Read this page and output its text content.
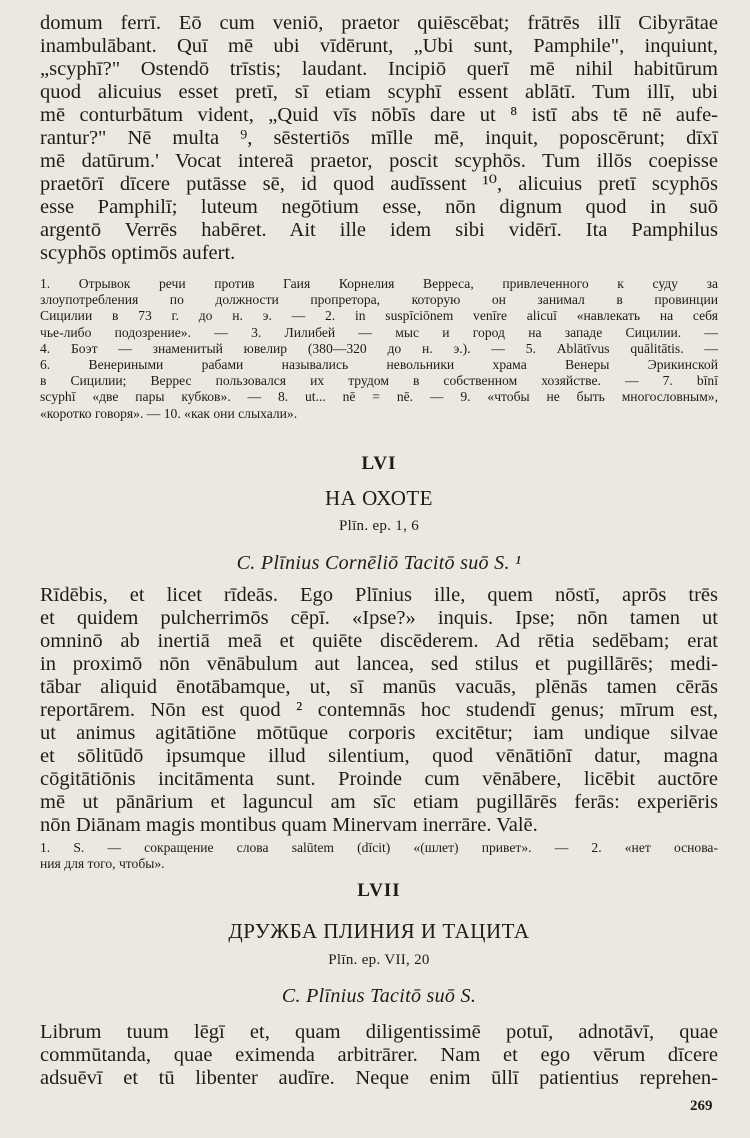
domum ferrī. Eō cum veniō, praetor quiēscēbat; frātrēs illī Cibyrātae
inambulābant. Quī mē ubi vīdērunt, „Ubi sunt, Pamphile", inquiunt,
„scyphī?" Ostendō trīstis; laudant. Incipiō querī mē nihil habitūrum
quod alicuius esset pretī, sī etiam scyphī essent ablātī. Tum illī, ubi
mē conturbātum vident, „Quid vīs nōbīs dare ut ⁸ istī abs tē nē aufe-
rantur?" Nē multa ⁹, sēstertiōs mīlle mē, inquit, poposcērunt; dīxī
mē datūrum.' Vocat intereā praetor, poscit scyphōs. Tum illōs coepisse
praetōrī dīcere putāsse sē, id quod audīssent ¹⁰, alicuius pretī scyphōs
esse Pamphilī; luteum negōtium esse, nōn dignum quod in suō
argentō Verrēs habēret. Ait ille idem sibi vidērī. Ita Pamphilus
scyphōs optimōs aufert.
1. Отрывок речи против Гаия Корнелия Верреса, привлеченного к суду за
злоупотребления по должности пропретора, которую он занимал в провинции
Сицилии в 73 г. до н. э. — 2. in suspīciōnem venīre alicuī «навлекать на себя
чье-либо подозрение». — 3. Лилибей — мыс и город на западе Сицилии. —
4. Боэт — знаменитый ювелир (380—320 до н. э.). — 5. Ablātīvus quālitātis. —
6. Венериными рабами назывались невольники храма Венеры Эрикинской
в Сицилии; Веррес пользовался их трудом в собственном хозяйстве. — 7. bīnī
scyphī «две пары кубков». — 8. ut... nē = nē. — 9. «чтобы не быть многословным»,
«коротко говоря». — 10. «как они слыхали».
LVI
НА ОХОТЕ
Plīn. ep. 1, 6
C. Plīnius Cornēliō Tacitō suō S. ¹
Rīdēbis, et licet rīdeās. Ego Plīnius ille, quem nōstī, aprōs trēs
et quidem pulcherrimōs cēpī. «Ipse?» inquis. Ipse; nōn tamen ut
omninō ab inertiā meā et quiēte discēderem. Ad rētia sedēbam; erat
in proximō nōn vēnābulum aut lancea, sed stilus et pugillārēs; medi-
tābar aliquid ēnotābamque, ut, sī manūs vacuās, plēnās tamen cērās
reportārem. Nōn est quod ² contemnās hoc studendī genus; mīrum est,
ut animus agitātiōne mōtūque corporis excitētur; iam undique silvae
et sōlitūdō ipsumque illud silentium, quod vēnātiōnī datur, magna
cōgitātiōnis incitāmenta sunt. Proinde cum vēnābere, licēbit auctōre
mē ut pānārium et laguncul am sīc etiam pugillārēs ferās: experiēris
nōn Diānam magis montibus quam Minervam inerrāre. Valē.
1. S. — сокращение слова salūtem (dīcit) «(шлет) привет». — 2. «нет основа-
ния для того, чтобы».
LVII
ДРУЖБА ПЛИНИЯ И ТАЦИТА
Plīn. ep. VII, 20
C. Plīnius Tacitō suō S.
Librum tuum lēgī et, quam diligentissimē potuī, adnotāvī, quae
commūtanda, quae eximenda arbitrārer. Nam et ego vērum dīcere
adsuēvī et tū libenter audīre. Neque enim ūllī patientius reprehen-
269
